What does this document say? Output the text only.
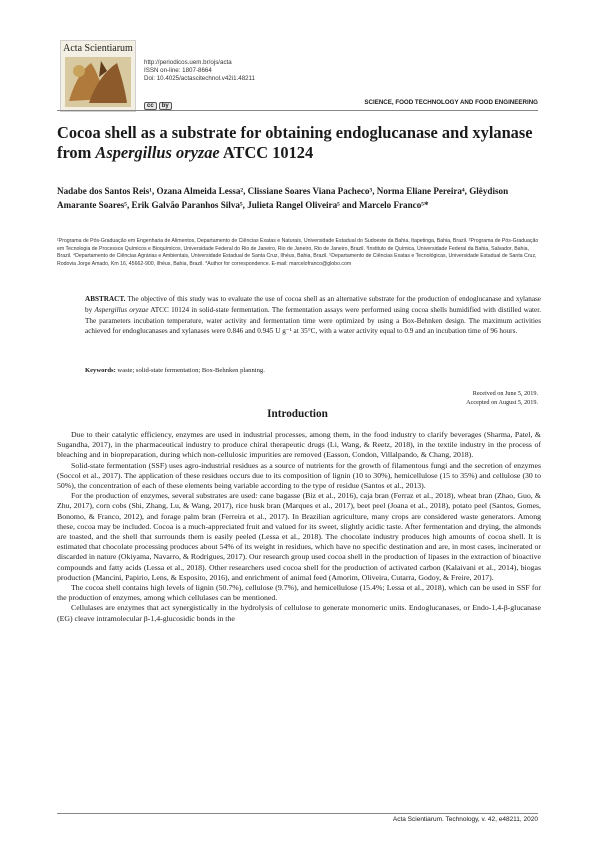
Acta Scientiarum
http://periodicos.uem.br/ojs/acta
ISSN on-line: 1807-8664
Doi: 10.4025/actascitechnol.v42i1.48211
cc by	SCIENCE, FOOD TECHNOLOGY AND FOOD ENGINEERING
Cocoa shell as a substrate for obtaining endoglucanase and xylanase from Aspergillus oryzae ATCC 10124
Nadabe dos Santos Reis¹, Ozana Almeida Lessa², Clissiane Soares Viana Pacheco³, Norma Eliane Pereira⁴, Glêydison Amarante Soares⁵, Erik Galvão Paranhos Silva⁵, Julieta Rangel Oliveira⁵ and Marcelo Franco⁵*
¹Programa de Pós-Graduação em Engenharia de Alimentos, Departamento de Ciências Exatas e Naturais, Universidade Estadual do Sudoeste da Bahia, Itapetinga, Bahia, Brazil. ²Programa de Pós-Graduação em Tecnologia de Processos Químicos e Bioquímicos, Universidade Federal do Rio de Janeiro, Rio de Janeiro, Rio de Janeiro, Brazil. ³Instituto de Química, Universidade Federal da Bahia, Salvador, Bahia, Brazil. ⁴Departamento de Ciências Agrárias e Ambientais, Universidade Estadual de Santa Cruz, Ilhéus, Bahia, Brazil. ⁵Departamento de Ciências Exatas e Tecnológicas, Universidade Estadual de Santa Cruz, Rodovia Jorge Amado, Km 16, 45662-900, Ilhéus, Bahia, Brazil. *Author for correspondence. E-mail: marcelofranco@globo.com
ABSTRACT. The objective of this study was to evaluate the use of cocoa shell as an alternative substrate for the production of endoglucanase and xylanase by Aspergillus oryzae ATCC 10124 in solid-state fermentation. The fermentation assays were performed using cocoa shells humidified with distilled water. The parameters incubation temperature, water activity and fermentation time were optimized by using a Box-Behnken design. The maximum activities achieved for endoglucanases and xylanases were 0.846 and 0.945 U g⁻¹ at 35°C, with a water activity equal to 0.9 and an incubation time of 96 hours.
Keywords: waste; solid-state fermentation; Box-Behnken planning.
Received on June 5, 2019.
Accepted on August 5, 2019.
Introduction

Due to their catalytic efficiency, enzymes are used in industrial processes, among them, in the food industry to clarify beverages (Sharma, Patel, & Sugandha, 2017), in the pharmaceutical industry to produce chiral therapeutic drugs (Li, Wang, & Reetz, 2018), in the textile industry in the process of bleaching and in biopreparation, during which non-cellulosic impurities are removed (Easson, Condon, Villalpando, & Chang, 2018).

Solid-state fermentation (SSF) uses agro-industrial residues as a source of nutrients for the growth of filamentous fungi and the secretion of enzymes (Soccol et al., 2017). The application of these residues occurs due to its composition of lignin (10 to 30%), hemicellulose (15 to 35%) and cellulose (30 to 50%), the concentration of each of these elements being variable according to the type of residue (Santos et al., 2013).

For the production of enzymes, several substrates are used: cane bagasse (Biz et al., 2016), caja bran (Ferraz et al., 2018), wheat bran (Zhao, Guo, & Zhu, 2017), corn cobs (Shi, Zhang, Lu, & Wang, 2017), rice husk bran (Marques et al., 2017), beet peel (Joana et al., 2018), potato peel (Santos, Gomes, Bonomo, & Franco, 2012), and forage palm bran (Ferreira et al., 2017). In Brazilian agriculture, many crops are considered waste generators. Among these, cocoa may be included. Cocoa is a much-appreciated fruit and valued for its sweet, slightly acidic taste. After fermentation and drying, the almonds are toasted, and the shell that surrounds them is easily peeled (Lessa et al., 2018). The chocolate industry produces high amounts of cocoa shell. It is estimated that chocolate processing produces about 54% of its weight in residues, which have no specific destination and are, in most cases, incinerated or discarded in nature (Okiyama, Navarro, & Rodrigues, 2017). Our research group used cocoa shell in the production of lipases in the extraction of bioactive compounds and fatty acids (Lessa et al., 2018). Other researchers used cocoa shell for the production of activated carbon (Kalaivani et al., 2014), biogas production (Mancini, Papirio, Lens, & Esposito, 2016), and enrichment of animal feed (Amorim, Oliveira, Cutarra, Godoy, & Freire, 2017).

The cocoa shell contains high levels of lignin (50.7%), cellulose (9.7%), and hemicellulose (15.4%; Lessa et al., 2018), which can be used in SSF for the production of enzymes, among which cellulases can be mentioned.

Cellulases are enzymes that act synergistically in the hydrolysis of cellulose to generate monomeric units. Endoglucanases, or Endo-1,4-β-glucanase (EG) cleave intramolecular β-1,4-glucosidic bonds in the

Acta Scientiarum. Technology, v. 42, e48211, 2020
